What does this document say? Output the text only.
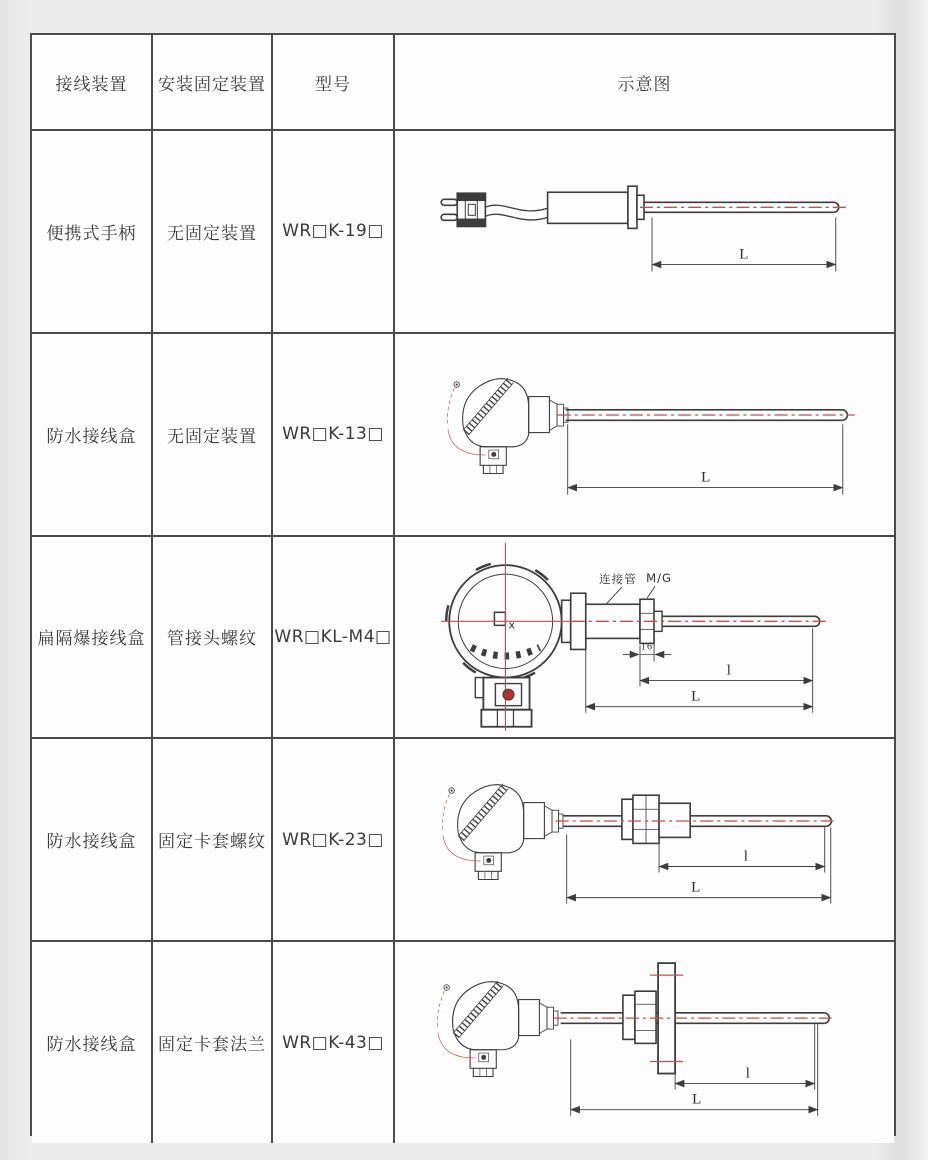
接线装置	安装固定装置	型号	示意图
便携式手柄	无固定装置	WR□K-19□
L
防水接线盒	无固定装置	WR□K-13□
L
扁隔爆接线盒	管接头螺纹	WR□KL-M4□
x
16
l
L
连接管 M/G
防水接线盒	固定卡套螺纹 WR□K-23□
l
L
防水接线盒	固定卡套法兰 WR□K-43□
l
L
